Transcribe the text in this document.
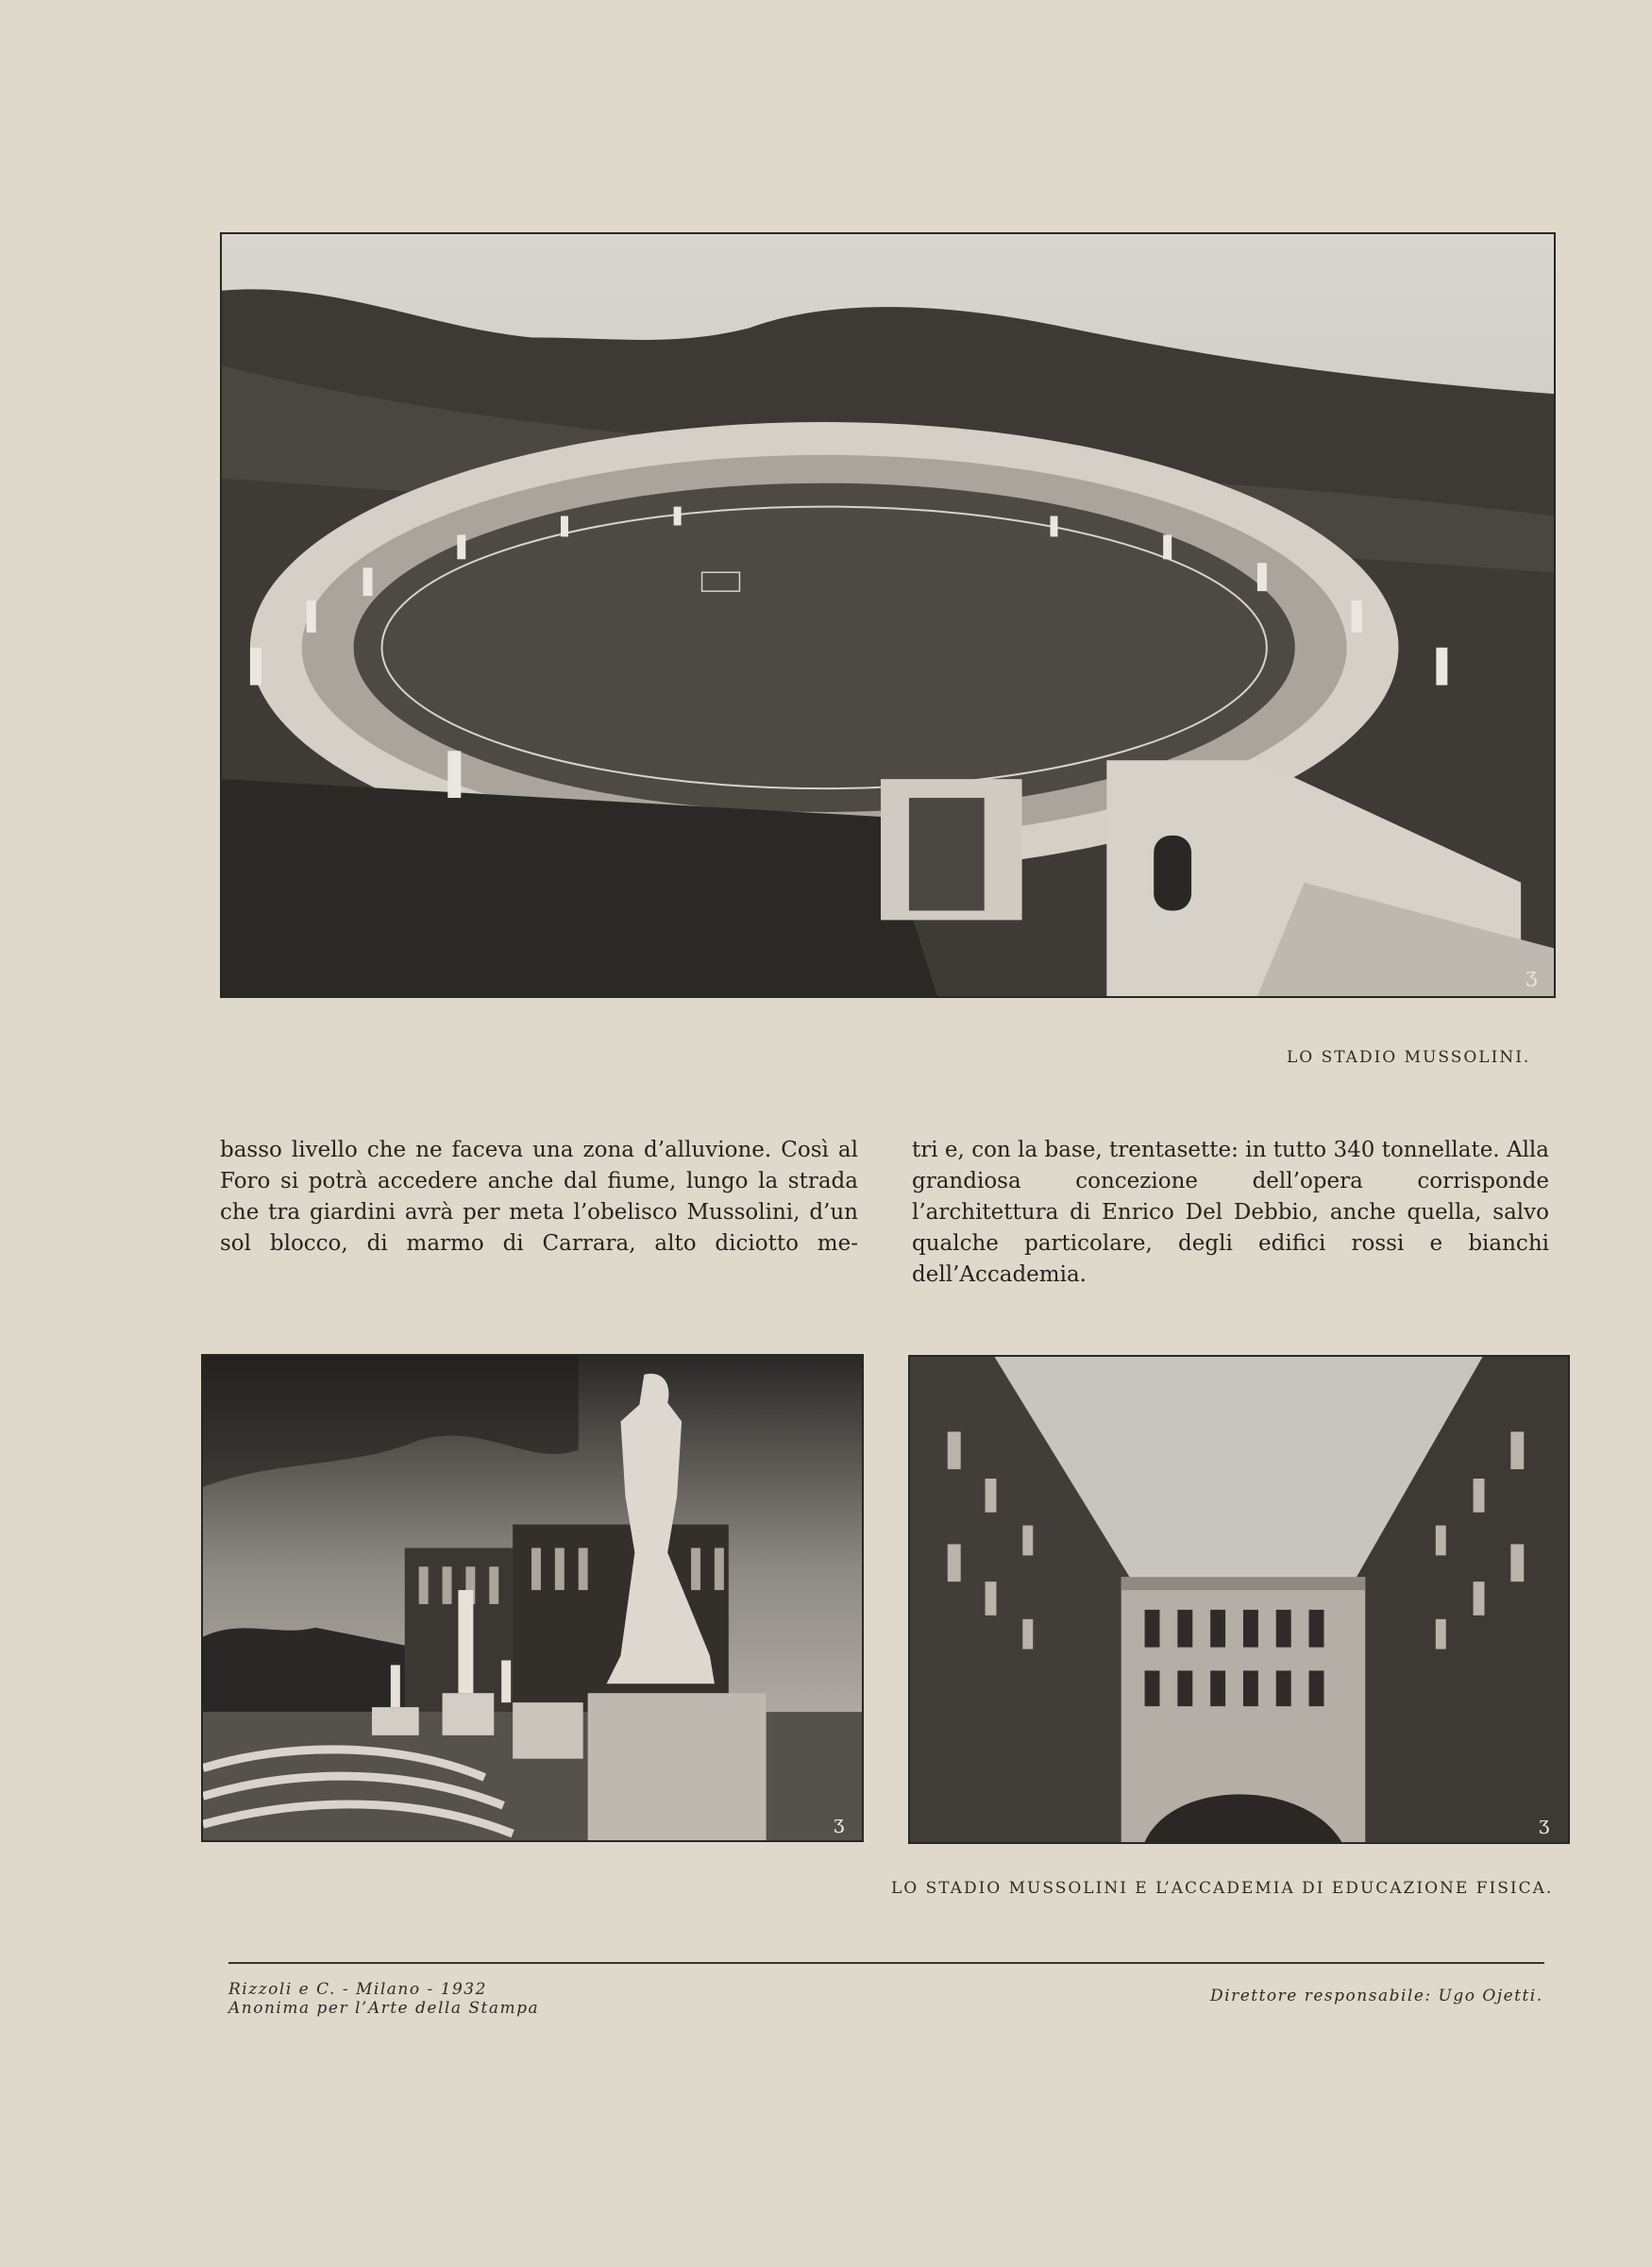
ʒ
LO STADIO MUSSOLINI.
basso livello che ne faceva una zona d’alluvione. Così al Foro si potrà accedere anche dal fiume, lungo la strada che tra giardini avrà per meta l’obelisco Mussolini, d’un sol blocco, di marmo di Carrara, alto diciotto me-
tri e, con la base, trentasette: in tutto 340 tonnellate. Alla grandiosa concezione dell’opera corrisponde l’architettura di Enrico Del Debbio, anche quella, salvo qualche particolare, degli edifici rossi e bianchi dell’Accademia.
ʒ	ʒ
LO STADIO MUSSOLINI E L’ACCADEMIA DI EDUCAZIONE FISICA.
Rizzoli e C. - Milano - 1932
Anonima per l’Arte della Stampa
Direttore responsabile: Ugo Ojetti.
